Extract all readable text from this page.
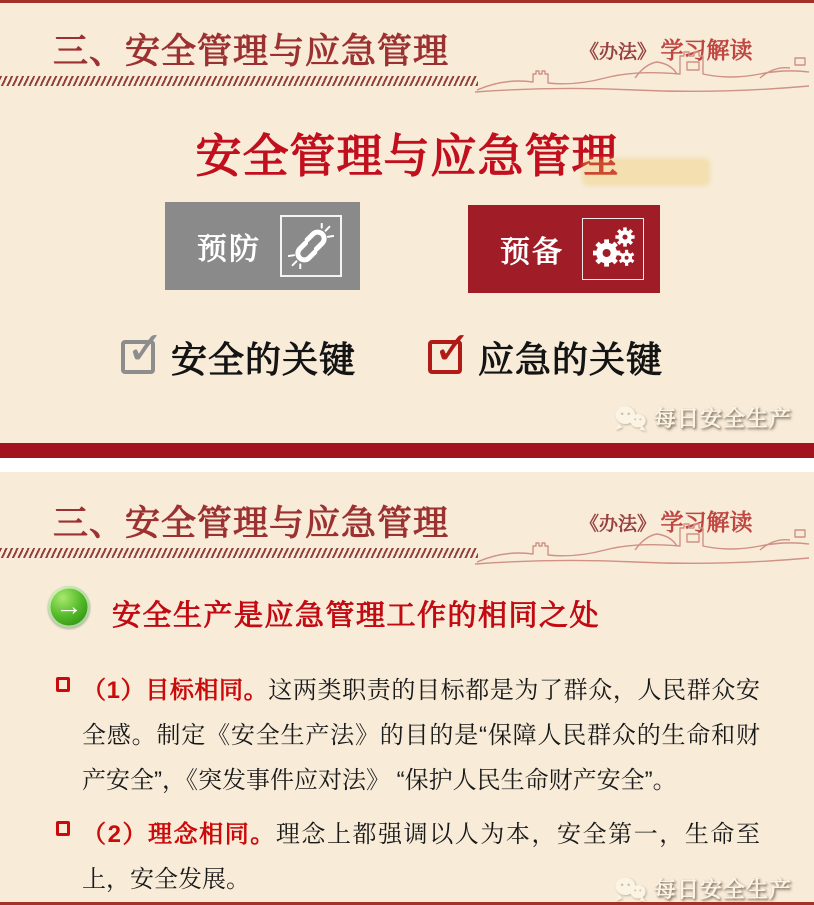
三、安全管理与应急管理	《办法》 学习解读
安全管理与应急管理
预防	预备
✓ 安全的关键 ✓ 应急的关键
每日安全生产
三、安全管理与应急管理	《办法》 学习解读
→ 安全生产是应急管理工作的相同之处

（1）目标相同。这两类职责的目标都是为了群众，人民群众安全感。制定《安全生产法》的目的是“保障人民群众的生命和财产安全”，《突发事件应对法》 “保护人民生命财产安全”。

（2）理念相同。理念上都强调以人为本，安全第一，生命至上，安全发展。	每日安全生产
